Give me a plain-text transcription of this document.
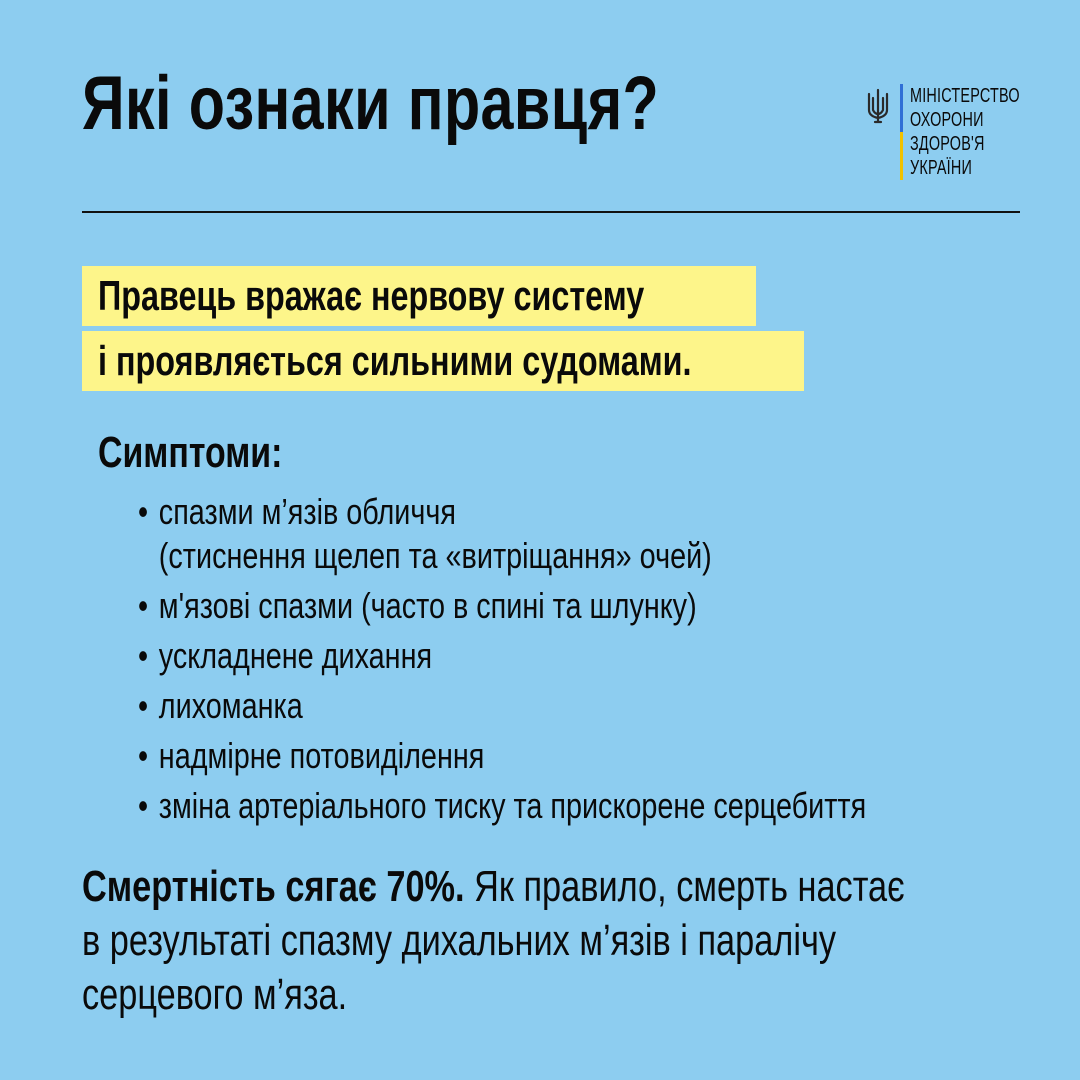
Які ознаки правця?	МІНІСТЕРСТВО
ОХОРОНИ
ЗДОРОВ'Я
УКРАЇНИ
Правець вражає нервову систему
і проявляється сильними судомами.
Симптоми:
• спазми м’язів обличчя
(стиснення щелеп та «витріщання» очей)
• м'язові спазми (часто в спині та шлунку)
• ускладнене дихання
• лихоманка
• надмірне потовиділення
• зміна артеріального тиску та прискорене серцебиття

Смертність сягає 70%. Як правило, смерть настає
в результаті спазму дихальних м’язів і паралічу
серцевого м’яза.
